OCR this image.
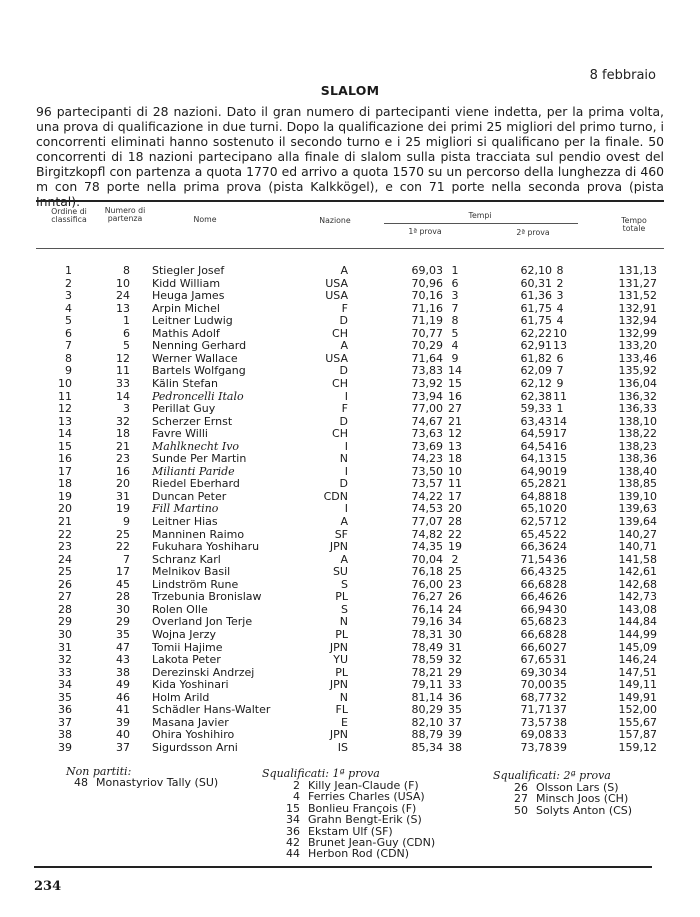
8 febbraio
SLALOM
96 partecipanti di 28 nazioni. Dato il gran numero di partecipanti viene indetta, per la prima volta, una prova di qualificazione in due turni. Dopo la qualificazione dei primi 25 migliori del primo turno, i concorrenti eliminati hanno sostenuto il secondo turno e i 25 migliori si qualificano per la finale. 50 concorrenti di 18 nazioni partecipano alla finale di slalom sulla pista tracciata sul pendio ovest del Birgitzkopfl con partenza a quota 1770 ed arrivo a quota 1570 su un percorso della lunghezza di 460 m con 78 porte nella prima prova (pista Kalkkögel), e con 71 porte nella seconda prova (pista Inntal).
Ordine di classifica
Numero di partenza	Nome	Nazione
Tempi
1ª prova	2ª prova
Tempo totale
1	8 Stiegler Josef	A	69,03 1	62,10 8	131,13
2	10 Kidd William	USA	70,96 6	60,31 2	131,27
3	24 Heuga James	USA	70,16 3	61,36 3	131,52
4	13 Arpin Michel	F	71,16 7	61,75 4	132,91
5	1 Leitner Ludwig	D	71,19 8	61,75 4	132,94
6	6 Mathis Adolf	CH	70,77 5	62,22 10	132,99
7	5 Nenning Gerhard	A	70,29 4	62,91 13	133,20
8	12 Werner Wallace	USA	71,64 9	61,82 6	133,46
9	11 Bartels Wolfgang	D	73,83 14	62,09 7	135,92
10	33 Kälin Stefan	CH	73,92 15	62,12 9	136,04
11	14 Pedroncelli Italo	I	73,94 16	62,38 11	136,32
12	3 Perillat Guy	F	77,00 27	59,33 1	136,33
13	32 Scherzer Ernst	D	74,67 21	63,43 14	138,10
14	18 Favre Willi	CH	73,63 12	64,59 17	138,22
15	21 Mahlknecht Ivo	I	73,69 13	64,54 16	138,23
16	23 Sunde Per Martin	N	74,23 18	64,13 15	138,36
17	16 Milianti Paride	I	73,50 10	64,90 19	138,40
18	20 Riedel Eberhard	D	73,57 11	65,28 21	138,85
19	31 Duncan Peter	CDN	74,22 17	64,88 18	139,10
20	19 Fill Martino	I	74,53 20	65,10 20	139,63
21	9 Leitner Hias	A	77,07 28	62,57 12	139,64
22	25 Manninen Raimo	SF	74,82 22	65,45 22	140,27
23	22 Fukuhara Yoshiharu	JPN	74,35 19	66,36 24	140,71
24	7 Schranz Karl	A	70,04 2	71,54 36	141,58
25	17 Melnikov Basil	SU	76,18 25	66,43 25	142,61
26	45 Lindström Rune	S	76,00 23	66,68 28	142,68
27	28 Trzebunia Bronislaw	PL	76,27 26	66,46 26	142,73
28	30 Rolen Olle	S	76,14 24	66,94 30	143,08
29	29 Overland Jon Terje	N	79,16 34	65,68 23	144,84
30	35 Wojna Jerzy	PL	78,31 30	66,68 28	144,99
31	47 Tomii Hajime	JPN	78,49 31	66,60 27	145,09
32	43 Lakota Peter	YU	78,59 32	67,65 31	146,24
33	38 Derezinski Andrzej	PL	78,21 29	69,30 34	147,51
34	49 Kida Yoshinari	JPN	79,11 33	70,00 35	149,11
35	46 Holm Arild	N	81,14 36	68,77 32	149,91
36	41 Schädler Hans-Walter	FL	80,29 35	71,71 37	152,00
37	39 Masana Javier	E	82,10 37	73,57 38	155,67
38	40 Ohira Yoshihiro	JPN	88,79 39	69,08 33	157,87
39	37 Sigurdsson Arni	IS	85,34 38	73,78 39	159,12
Non partiti:
48 Monastyriov Tally (SU)
Squalificati: 1ª prova
2 Killy Jean-Claude (F)
4 Ferries Charles (USA)
15 Bonlieu François (F)
34 Grahn Bengt-Erik (S)
36 Ekstam Ulf (SF)
42 Brunet Jean-Guy (CDN)
44 Herbon Rod (CDN)
Squalificati: 2ª prova
26 Olsson Lars (S)
27 Minsch Joos (CH)
50 Solyts Anton (CS)
234
